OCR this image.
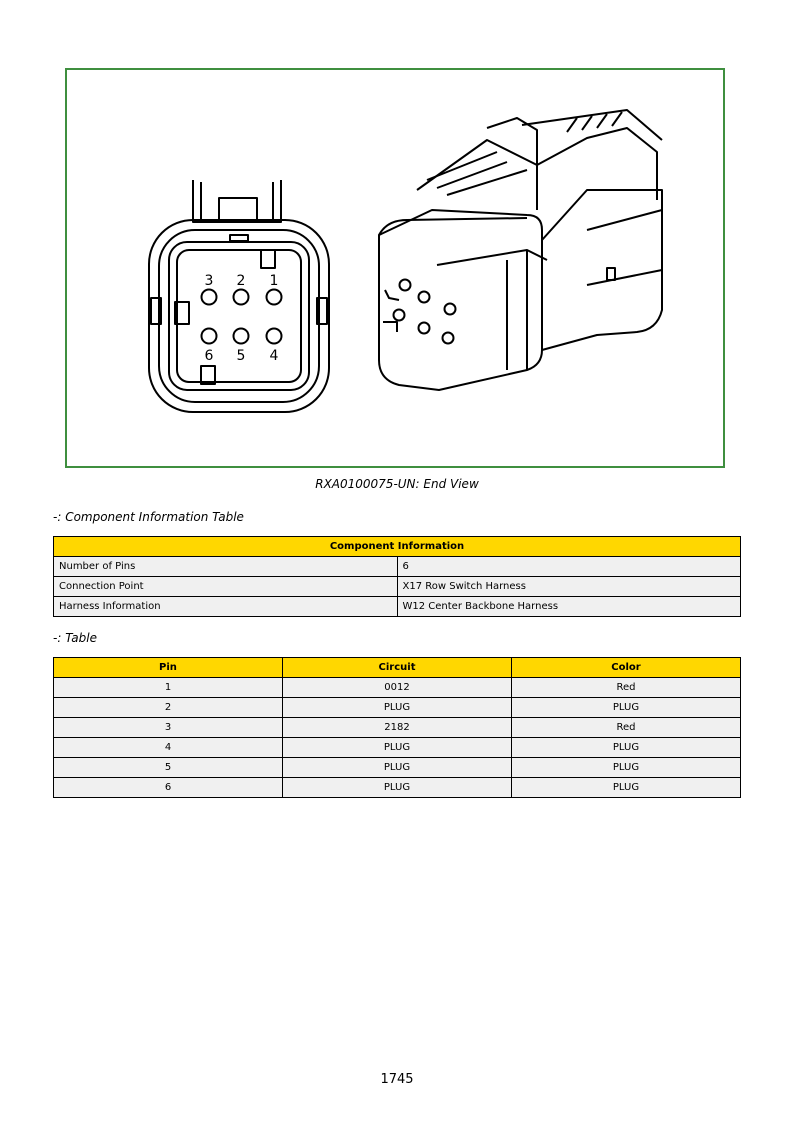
3 2 1
6 5 4
RXA0100075-UN: End View
-: Component Information Table
Component Information	
Number of Pins	6
Connection Point	X17 Row Switch Harness
Harness Information	W12 Center Backbone Harness
-: Table
Pin	Circuit	Color
1	0012	Red
2	PLUG	PLUG
3	2182	Red
4	PLUG	PLUG
5	PLUG	PLUG
6	PLUG	PLUG
1745
